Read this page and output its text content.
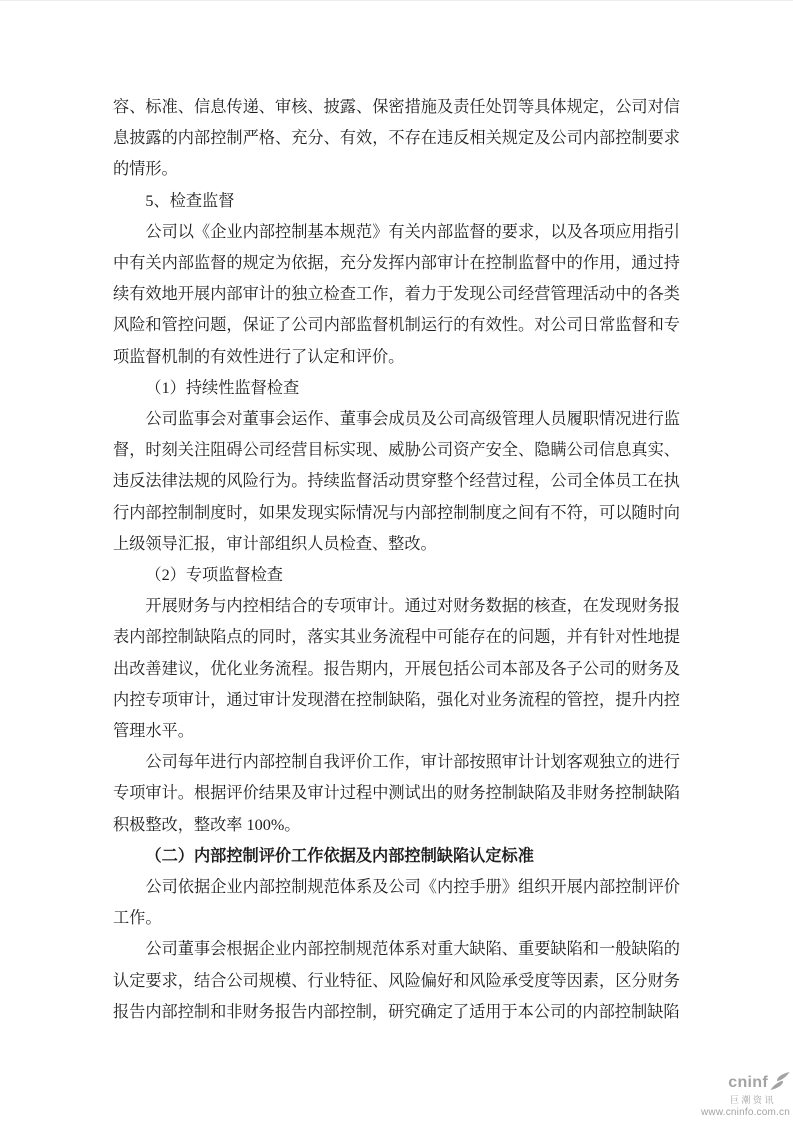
容、标准、信息传递、审核、披露、保密措施及责任处罚等具体规定，公司对信息披露的内部控制严格、充分、有效，不存在违反相关规定及公司内部控制要求的情形。

5、检查监督

公司以《企业内部控制基本规范》有关内部监督的要求，以及各项应用指引中有关内部监督的规定为依据，充分发挥内部审计在控制监督中的作用，通过持续有效地开展内部审计的独立检查工作，着力于发现公司经营管理活动中的各类风险和管控问题，保证了公司内部监督机制运行的有效性。对公司日常监督和专项监督机制的有效性进行了认定和评价。

（1）持续性监督检查

公司监事会对董事会运作、董事会成员及公司高级管理人员履职情况进行监督，时刻关注阻碍公司经营目标实现、威胁公司资产安全、隐瞒公司信息真实、违反法律法规的风险行为。持续监督活动贯穿整个经营过程，公司全体员工在执行内部控制制度时，如果发现实际情况与内部控制制度之间有不符，可以随时向上级领导汇报，审计部组织人员检查、整改。

（2）专项监督检查

开展财务与内控相结合的专项审计。通过对财务数据的核查，在发现财务报表内部控制缺陷点的同时，落实其业务流程中可能存在的问题，并有针对性地提出改善建议，优化业务流程。报告期内，开展包括公司本部及各子公司的财务及内控专项审计，通过审计发现潜在控制缺陷，强化对业务流程的管控，提升内控管理水平。

公司每年进行内部控制自我评价工作，审计部按照审计计划客观独立的进行专项审计。根据评价结果及审计过程中测试出的财务控制缺陷及非财务控制缺陷积极整改，整改率 100%。

（二）内部控制评价工作依据及内部控制缺陷认定标准

公司依据企业内部控制规范体系及公司《内控手册》组织开展内部控制评价工作。

公司董事会根据企业内部控制规范体系对重大缺陷、重要缺陷和一般缺陷的认定要求，结合公司规模、行业特征、风险偏好和风险承受度等因素，区分财务报告内部控制和非财务报告内部控制，研究确定了适用于本公司的内部控制缺陷

cninf
巨潮资讯
www.cninfo.com.cn
